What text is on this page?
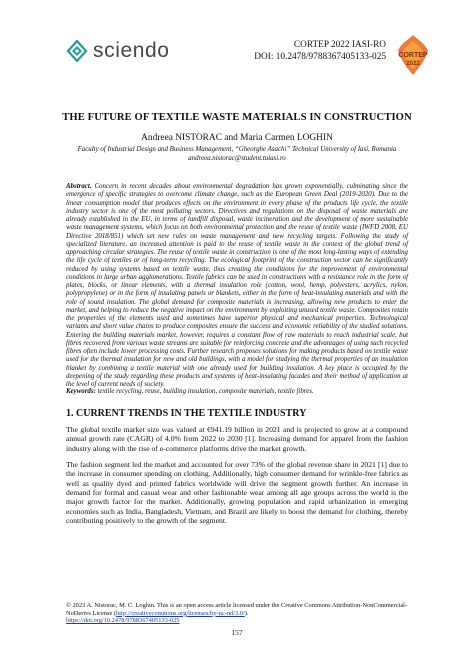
sciendo	CORTEP 2022 IASI-RO
DOI: 10.2478/9788367405133-025 CORTEP
2022
THE FUTURE OF TEXTILE WASTE MATERIALS IN CONSTRUCTION
Andreea NISTORAC and Maria Carmen LOGHIN
Faculty of Industrial Design and Business Management, “Gheorghe Asachi” Technical University of Iasi, Romania
andreea.nistorac@student.tuiasi.ro
Abstract. Concern in recent decades about environmental degradation has grown exponentially, culminating since the emergence of specific strategies to overcome climate change, such as the European Green Deal (2019-2020). Due to the linear consumption model that produces effects on the environment in every phase of the products life cycle, the textile industry sector is one of the most polluting sectors. Directives and regulations on the disposal of waste materials are already established in the EU, in terms of landfill disposal, waste incineration and the development of more sustainable waste management systems, which focus on both environmental protection and the reuse of textile waste (IWFD 2008, EU Directive 2018/851) which set new rules on waste management and new recycling targets. Following the study of specialized literature, an increased attention is paid to the reuse of textile waste in the context of the global trend of approaching circular strategies. The reuse of textile waste in construction is one of the most long-lasting ways of extending the life cycle of textiles or of long-term recycling. The ecological footprint of the construction sector can be significantly reduced by using systems based on textile waste, thus creating the conditions for the improvement of environmental conditions in large urban agglomerations. Textile fabrics can be used in constructions with a resistance role in the form of plates, blocks, or linear elements, with a thermal insulation role (cotton, wool, hemp, polyesters, acrylics, nylon, polypropylene) or in the form of insulating panels or blankets, either in the form of heat-insulating materials and with the role of sound insulation. The global demand for composite materials is increasing, allowing new products to enter the market, and helping to reduce the negative impact on the environment by exploiting unused textile waste. Composites retain the properties of the elements used and sometimes have superior physical and mechanical properties. Technological variants and short value chains to produce composites ensure the success and economic reliability of the studied solutions. Entering the building materials market, however, requires a constant flow of raw materials to reach industrial scale, but fibres recovered from various waste streams are suitable for reinforcing concrete and the advantages of using such recycled fibres often include lower processing costs. Further research proposes solutions for making products based on textile waste used for the thermal insulation for new and old buildings, with a model for studying the thermal properties of an insulation blanket by combining a textile material with one already used for building insulation. A key place is occupied by the deepening of the study regarding these products and systems of heat-insulating facades and their method of application at the level of current needs of society.
Keywords: textile recycling, reuse, building insulation, composite materials, textile fibres.
1. CURRENT TRENDS IN THE TEXTILE INDUSTRY
The global textile market size was valued at €941.19 billion in 2021 and is projected to grow at a compound annual growth rate (CAGR) of 4.0% from 2022 to 2030 [1]. Increasing demand for apparel from the fashion industry along with the rise of e-commerce platforms drive the market growth.
The fashion segment led the market and accounted for over 73% of the global revenue share in 2021 [1] due to the increase in consumer spending on clothing. Additionally, high consumer demand for wrinkle-free fabrics as well as quality dyed and printed fabrics worldwide will drive the segment growth further. An increase in demand for formal and casual wear and other fashionable wear among all age groups across the world is the major growth factor for the market. Additionally, growing population and rapid urbanization in emerging economies such as India, Bangladesh, Vietnam, and Brazil are likely to boost the demand for clothing, thereby contributing positively to the growth of the segment.
© 2023 A. Nistorac, M. C. Loghin. This is an open access article licensed under the Creative Commons Attribution-NonCommercial-NoDerivs License (http://creativecommons.org/licenses/by-nc-nd/3.0/).
https://doi.org/10.2478/9788367405133-025
157
